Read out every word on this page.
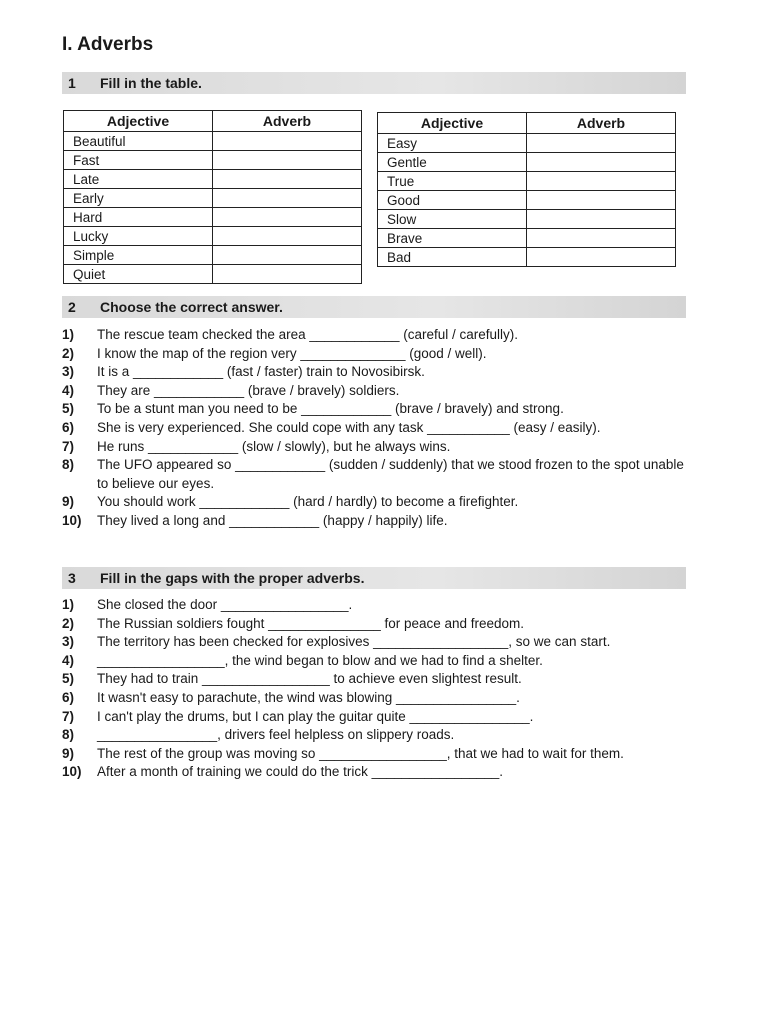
I. Adverbs
1	Fill in the table.
Adjective	Adverb
Beautiful	
Fast	
Late	
Early	
Hard	
Lucky	
Simple	
Quiet	
Adjective	Adverb
Easy	
Gentle	
True	
Good	
Slow	
Brave	
Bad	
2	Choose the correct answer.
1)	The rescue team checked the area ____________ (careful / carefully).
2)	I know the map of the region very ______________ (good / well).
3)	It is a ____________ (fast / faster) train to Novosibirsk.
4)	They are ____________ (brave / bravely) soldiers.
5)	To be a stunt man you need to be ____________ (brave / bravely) and strong.
6)	She is very experienced. She could cope with any task ___________ (easy / easily).
7)	He runs ____________ (slow / slowly), but he always wins.
8)	The UFO appeared so ____________ (sudden / suddenly) that we stood frozen to the spot unable to believe our eyes.
9)	You should work ____________ (hard / hardly) to become a firefighter.
10)	They lived a long and ____________ (happy / happily) life.
3	Fill in the gaps with the proper adverbs.
1)	She closed the door _________________.
2)	The Russian soldiers fought _______________ for peace and freedom.
3)	The territory has been checked for explosives __________________, so we can start.
4)	_________________, the wind began to blow and we had to find a shelter.
5)	They had to train _________________ to achieve even slightest result.
6)	It wasn't easy to parachute, the wind was blowing ________________.
7)	I can't play the drums, but I can play the guitar quite ________________.
8)	________________, drivers feel helpless on slippery roads.
9)	The rest of the group was moving so _________________, that we had to wait for them.
10)	After a month of training we could do the trick _________________.
